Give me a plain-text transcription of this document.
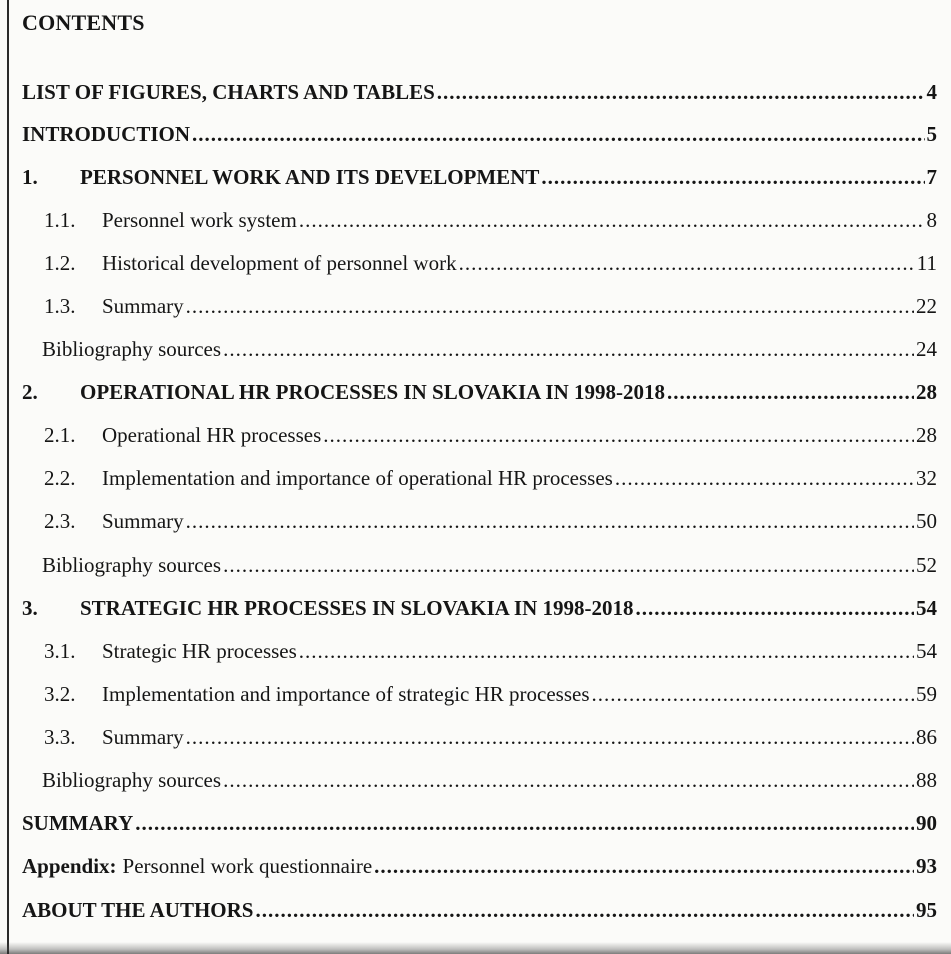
CONTENTS
LIST OF FIGURES, CHARTS AND TABLES .....	4
INTRODUCTION .....	5
1.	PERSONNEL WORK AND ITS DEVELOPMENT .....	7
1.1.	Personnel work system .....	8
1.2.	Historical development of personnel work .....	11
1.3.	Summary .....	22
Bibliography sources .....	24
2.	OPERATIONAL HR PROCESSES IN SLOVAKIA IN 1998-2018 .....	28
2.1.	Operational HR processes .....	28
2.2.	Implementation and importance of operational HR processes .....	32
2.3.	Summary .....	50
Bibliography sources .....	52
3.	STRATEGIC HR PROCESSES IN SLOVAKIA IN 1998-2018 .....	54
3.1.	Strategic HR processes .....	54
3.2.	Implementation and importance of strategic HR processes .....	59
3.3.	Summary .....	86
Bibliography sources .....	88
SUMMARY .....	90
Appendix: Personnel work questionnaire .....	93
ABOUT THE AUTHORS .....	95
